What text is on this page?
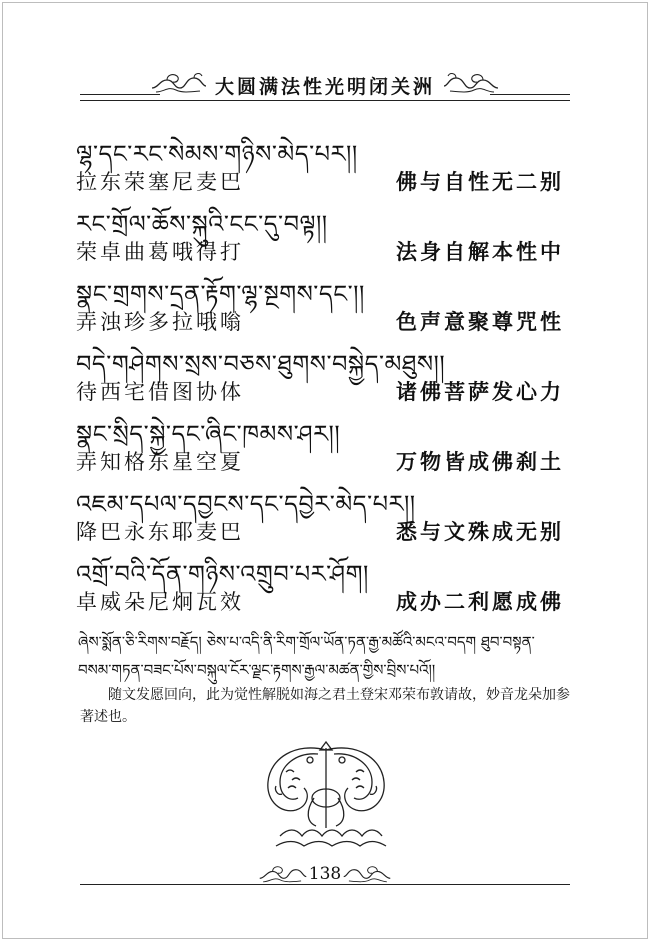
大圆满法性光明闭关洲
ལྷ་དང་རང་སེམས་གཉིས་མེད་པར།།
拉东荣塞尼麦巴	佛与自性无二别
རང་གྲོལ་ཆོས་སྐུའི་ངང་དུ་བལྟ།།
荣卓曲葛哦得打	法身自解本性中
སྣང་གྲགས་དྲན་རྟོག་ལྷ་སྔགས་དང་།།
弄浊珍多拉哦嗡	色声意聚尊咒性
བདེ་གཤེགས་སྲས་བཅས་ཐུགས་བསྐྱེད་མཐུས།།
待西宅借图协体	诸佛菩萨发心力
སྣང་སྲིད་སྐྱེ་དང་ཞིང་ཁམས་ཤར།།
弄知格东星空夏	万物皆成佛刹土
འཇམ་དཔལ་དབྱངས་དང་དབྱེར་མེད་པར།།
降巴永东耶麦巴	悉与文殊成无别
འགྲོ་བའི་དོན་གཉིས་འགྲུབ་པར་ཤོག།
卓威朵尼炯瓦效	成办二利愿成佛
ཞེས་སྨོན་ཅི་རིགས་བརྗོད། ཅེས་པ་འདི་ནི་རིག་གྲོལ་ཡོན་ཏན་རྒྱ་མཚོའི་མངའ་བདག ཐུབ་བསྟན་
བསམ་གཏན་བཟང་པོས་བསྐུལ་ངོར་ལྗང་རྟགས་རྒྱལ་མཚན་གྱིས་བྲིས་པའོ།།
随文发愿回向，此为觉性解脱如海之君土登宋邓荣布敦请故，妙音龙朵加参著述也。
138
